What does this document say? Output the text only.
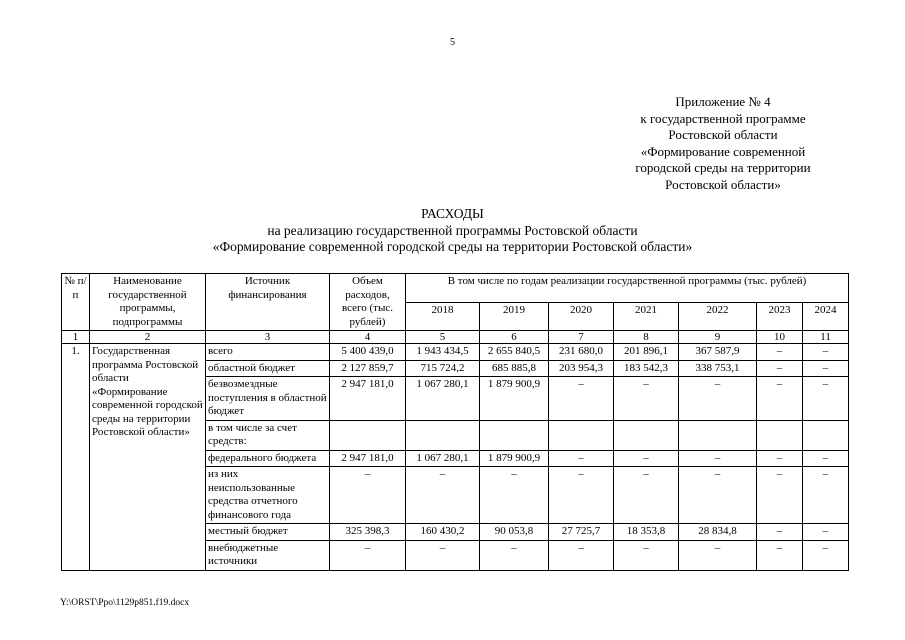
5
Приложение № 4
к государственной программе
Ростовской области
«Формирование современной
городской среды на территории
Ростовской области»
РАСХОДЫ
на реализацию государственной программы Ростовской области
«Формирование современной городской среды на территории Ростовской области»
№ п/п	Наименование государственной программы, подпрограммы	Источник финансирования	Объем расходов, всего (тыс. рублей)	В том числе по годам реализации государственной программы (тыс. рублей)						
				2018	2019	2020	2021	2022	2023	2024
1	2	3	4	5	6	7	8	9	10	11
1.	Государственная программа Ростовской области «Формирование современной городской среды на территории Ростовской области»	всего	5 400 439,0	1 943 434,5	2 655 840,5	231 680,0	201 896,1	367 587,9	–	–
		областной бюджет	2 127 859,7	715 724,2	685 885,8	203 954,3	183 542,3	338 753,1	–	–
		безвозмездные поступления в областной бюджет	2 947 181,0	1 067 280,1	1 879 900,9	–	–	–	–	–
		в том числе за счет средств:								
		федерального бюджета	2 947 181,0	1 067 280,1	1 879 900,9	–	–	–	–	–
		из них неиспользованные средства отчетного финансового года	–	–	–	–	–	–	–	–
		местный бюджет	325 398,3	160 430,2	90 053,8	27 725,7	18 353,8	28 834,8	–	–
		внебюджетные источники	–	–	–	–	–	–	–	–
Y:\ORST\Ppo\1129p851.f19.docx
